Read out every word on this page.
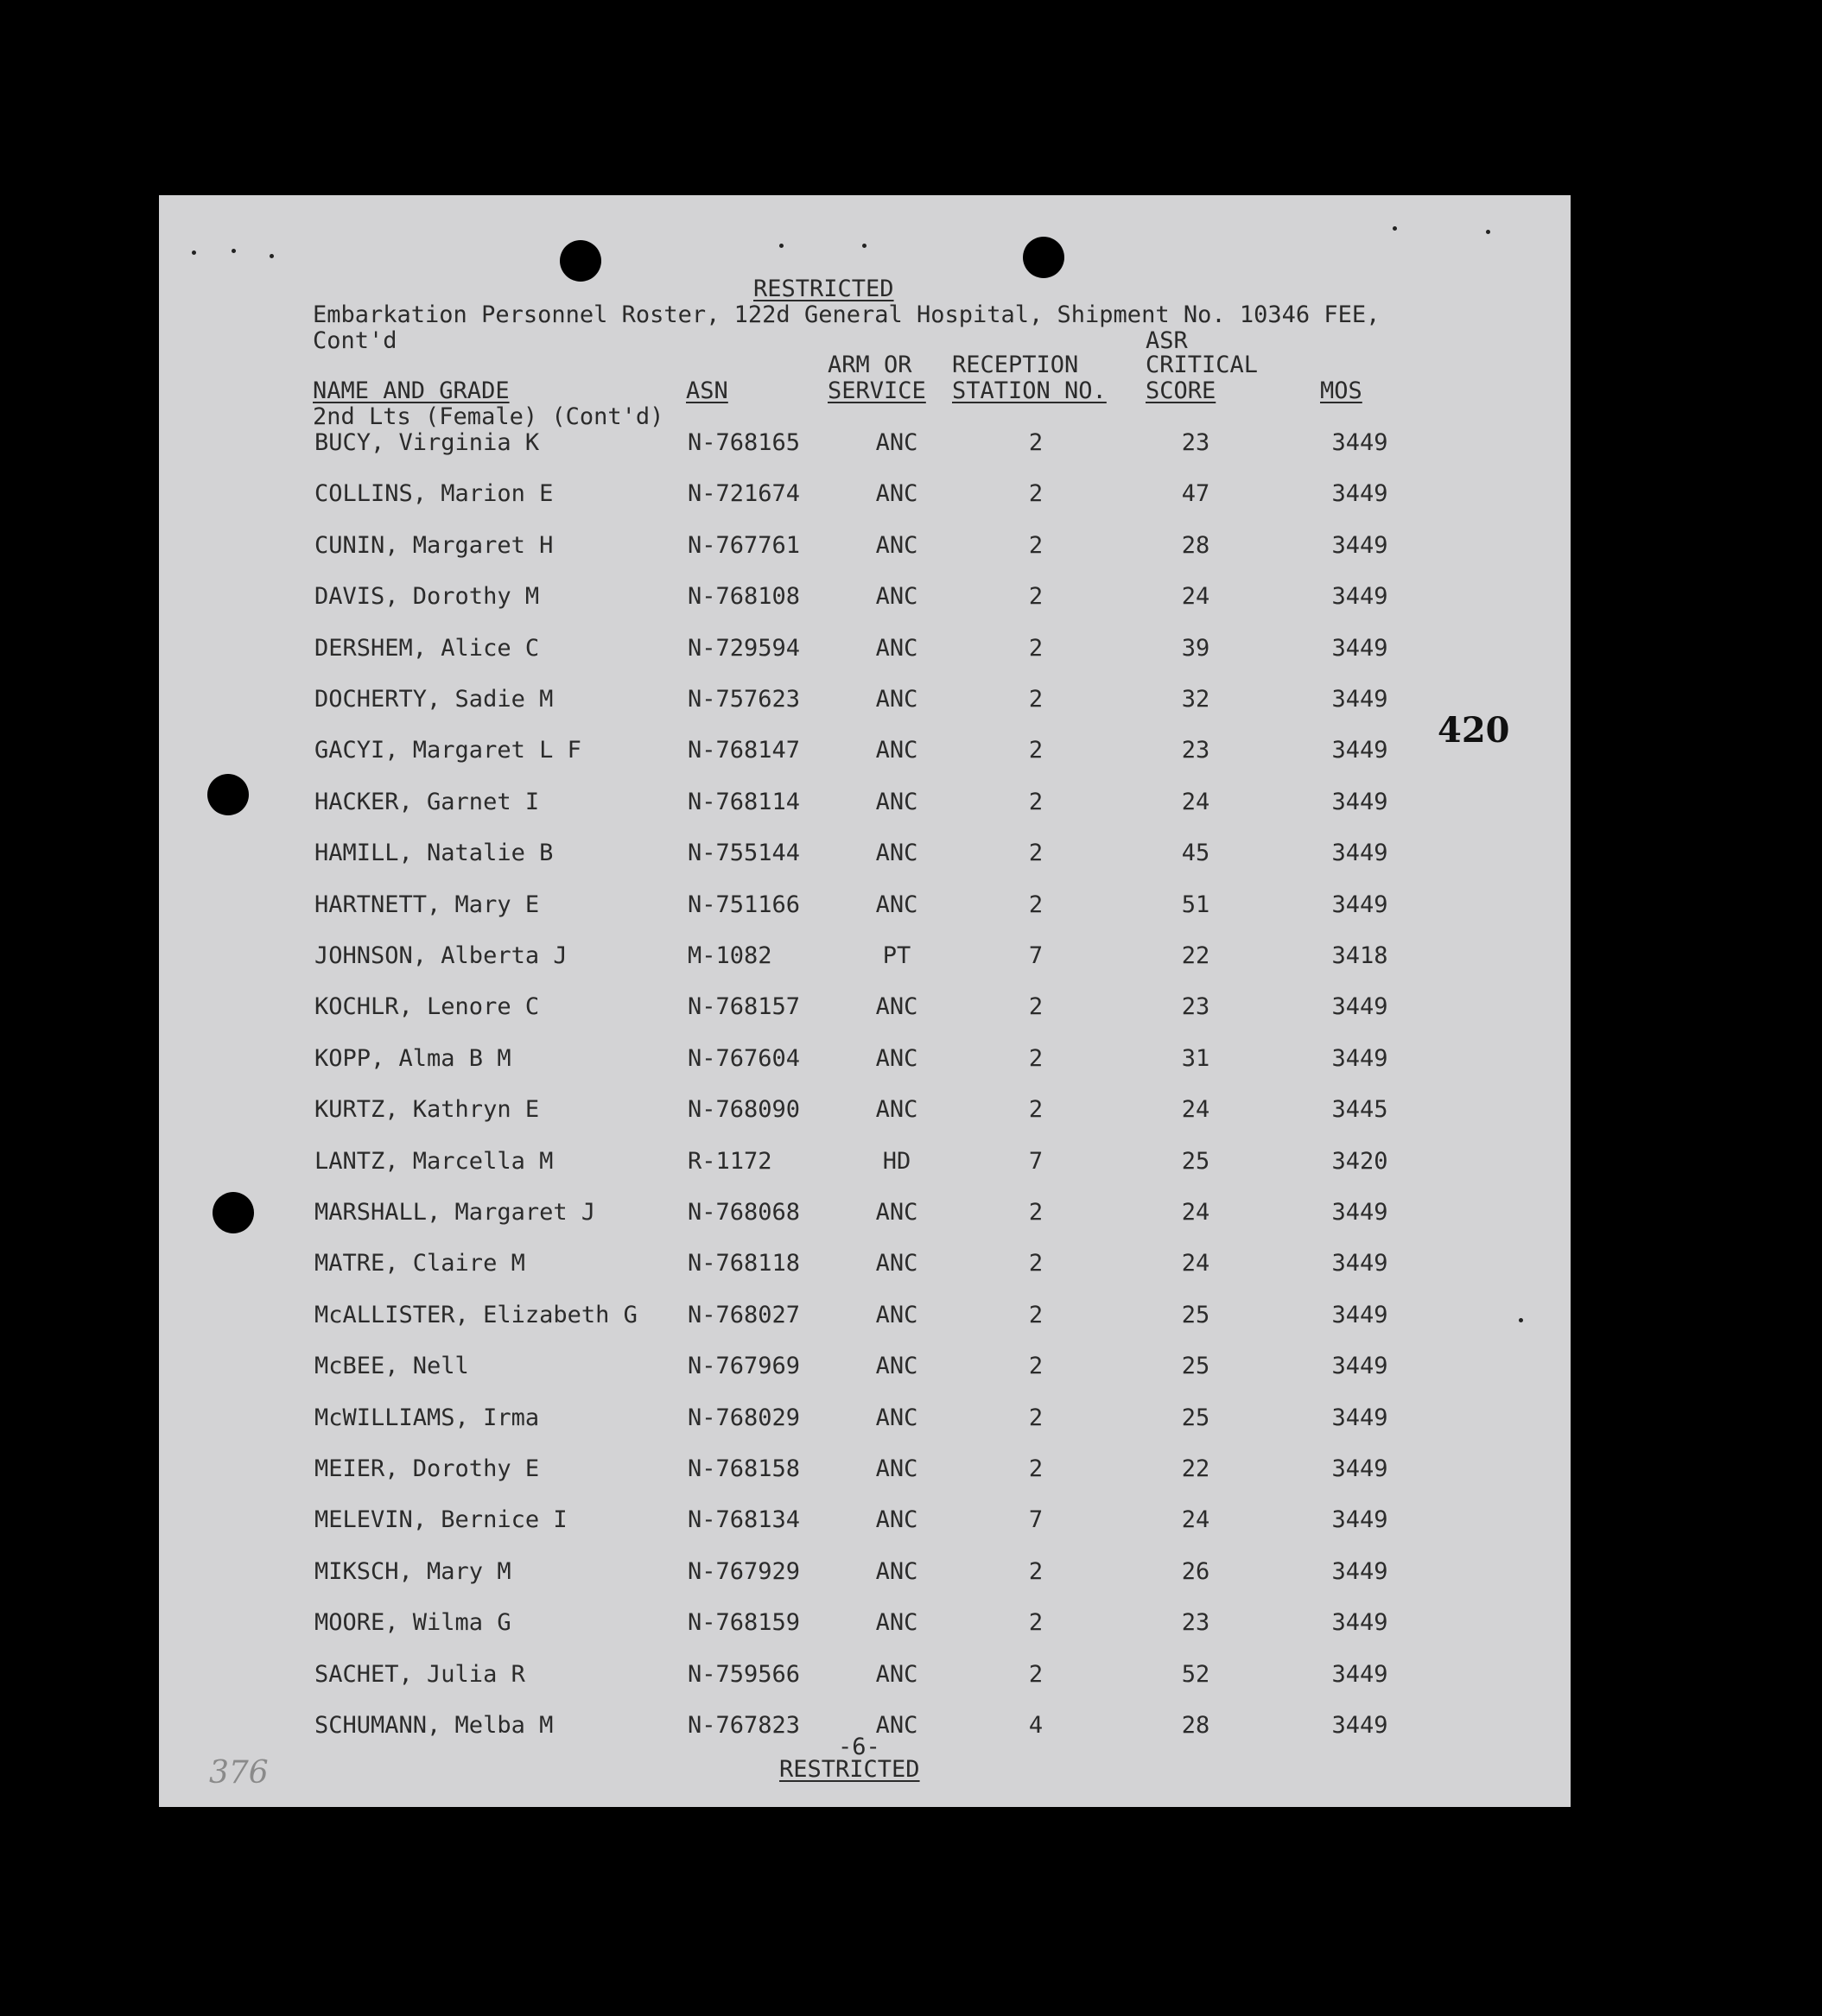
RESTRICTED
Embarkation Personnel Roster, 122d General Hospital, Shipment No. 10346 FEE,
Cont'd	ASR
ARM OR RECEPTION	CRITICAL
NAME AND GRADE	ASN	SERVICE STATION NO. SCORE	MOS
2nd Lts (Female) (Cont'd)
BUCY, Virginia K	N-768165	ANC	2	23	3449
COLLINS, Marion E	N-721674	ANC	2	47	3449
CUNIN, Margaret H	N-767761	ANC	2	28	3449
DAVIS, Dorothy M	N-768108	ANC	2	24	3449
DERSHEM, Alice C	N-729594	ANC	2	39	3449
DOCHERTY, Sadie M	N-757623	ANC	2	32	3449
GACYI, Margaret L F	N-768147	ANC	2	23	3449
HACKER, Garnet I	N-768114	ANC	2	24	3449
HAMILL, Natalie B	N-755144	ANC	2	45	3449
HARTNETT, Mary E	N-751166	ANC	2	51	3449
JOHNSON, Alberta J	M-1082	PT	7	22	3418
KOCHLR, Lenore C	N-768157	ANC	2	23	3449
KOPP, Alma B M	N-767604	ANC	2	31	3449
KURTZ, Kathryn E	N-768090	ANC	2	24	3445
LANTZ, Marcella M	R-1172	HD	7	25	3420
MARSHALL, Margaret J	N-768068	ANC	2	24	3449
MATRE, Claire M	N-768118	ANC	2	24	3449
McALLISTER, Elizabeth G N-768027	ANC	2	25	3449
McBEE, Nell	N-767969	ANC	2	25	3449
McWILLIAMS, Irma	N-768029	ANC	2	25	3449
MEIER, Dorothy E	N-768158	ANC	2	22	3449
MELEVIN, Bernice I	N-768134	ANC	7	24	3449
MIKSCH, Mary M	N-767929	ANC	2	26	3449
MOORE, Wilma G	N-768159	ANC	2	23	3449
SACHET, Julia R	N-759566	ANC	2	52	3449
SCHUMANN, Melba M	N-767823	ANC	4	28	3449
-6-
RESTRICTED
420
376
